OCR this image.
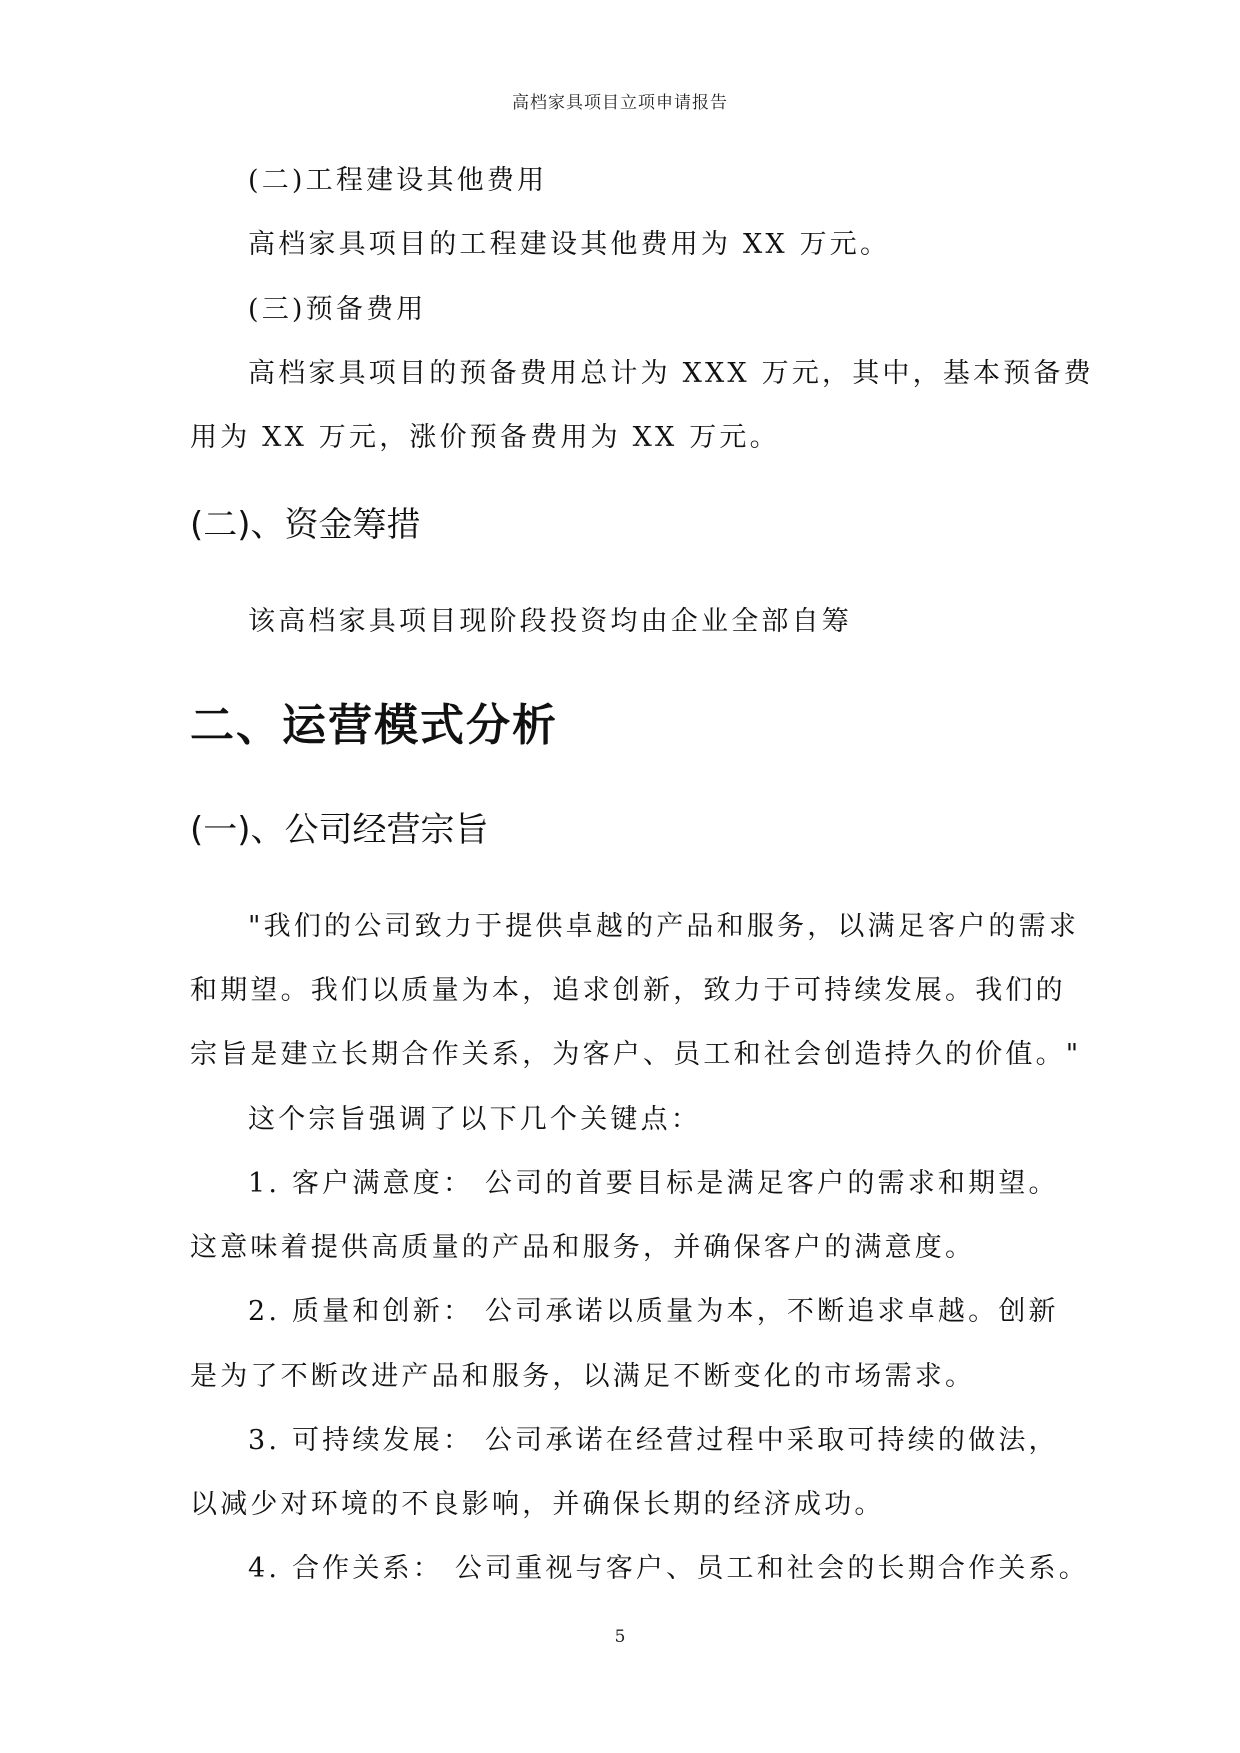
高档家具项目立项申请报告
(二)工程建设其他费用
高档家具项目的工程建设其他费用为 XX 万元。
(三)预备费用
高档家具项目的预备费用总计为 XXX 万元，其中，基本预备费
用为 XX 万元，涨价预备费用为 XX 万元。
(二)、资金筹措
该高档家具项目现阶段投资均由企业全部自筹
二、运营模式分析
(一)、公司经营宗旨
"我们的公司致力于提供卓越的产品和服务，以满足客户的需求
和期望。我们以质量为本，追求创新，致力于可持续发展。我们的
宗旨是建立长期合作关系，为客户、员工和社会创造持久的价值。"
这个宗旨强调了以下几个关键点：
1. 客户满意度： 公司的首要目标是满足客户的需求和期望。
这意味着提供高质量的产品和服务，并确保客户的满意度。
2. 质量和创新： 公司承诺以质量为本，不断追求卓越。创新
是为了不断改进产品和服务，以满足不断变化的市场需求。
3. 可持续发展： 公司承诺在经营过程中采取可持续的做法，
以减少对环境的不良影响，并确保长期的经济成功。
4. 合作关系： 公司重视与客户、员工和社会的长期合作关系。
5
